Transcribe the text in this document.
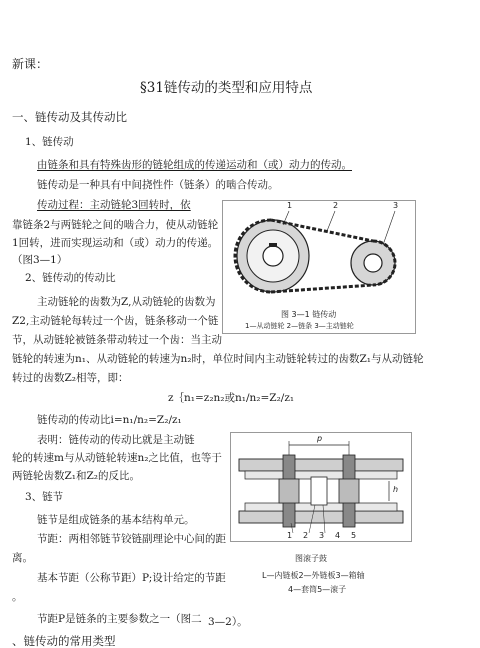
新课：
§31链传动的类型和应用特点
一、链传动及其传动比
1、链传动
由链条和具有特殊齿形的链轮组成的传递运动和（或）动力的传动。
链传动是一种具有中间挠性件（链条）的啮合传动。
传动过程：主动链轮3回转时，依
靠链条2与两链轮之间的啮合力，使从动链轮
1回转，进而实现运动和（或）动力的传递。
（图3—1）
2、链传动的传动比
主动链轮的齿数为Z,从动链轮的齿数为
Z2,主动链轮每转过一个齿，链条移动一个链
节，从动链轮被链条带动转过一个齿：当主动
链轮的转速为n₁、从动链轮的转速为n₂时，单位时间内主动链轮转过的齿数Z₁与从动链轮
转过的齿数Z₂相等，即：
z｛n₁=z₂n₂或n₁/n₂=Z₂/z₁
链传动的传动比i=n₁/n₂=Z₂/z₁
表明：链传动的传动比就是主动链
轮的转速m与从动链轮转速n₂之比值，也等于
两链轮齿数Z₁和Z₂的反比。
3、链节
链节是组成链条的基本结构单元。
节距：两相邻链节铰链副理论中心间的距
离。
基本节距（公称节距）P;设计给定的节距
。
节距P是链条的主要参数之一（图二 3—2）。
、链传动的常用类型
1	2	3
图 3—1 链传动
1—从动链轮 2—链条 3—主动链轮
p
h
1 2 3 4 5
图滚子鼓
L—内链板2—外链板3—箱轴
4—套筒5—滚子
